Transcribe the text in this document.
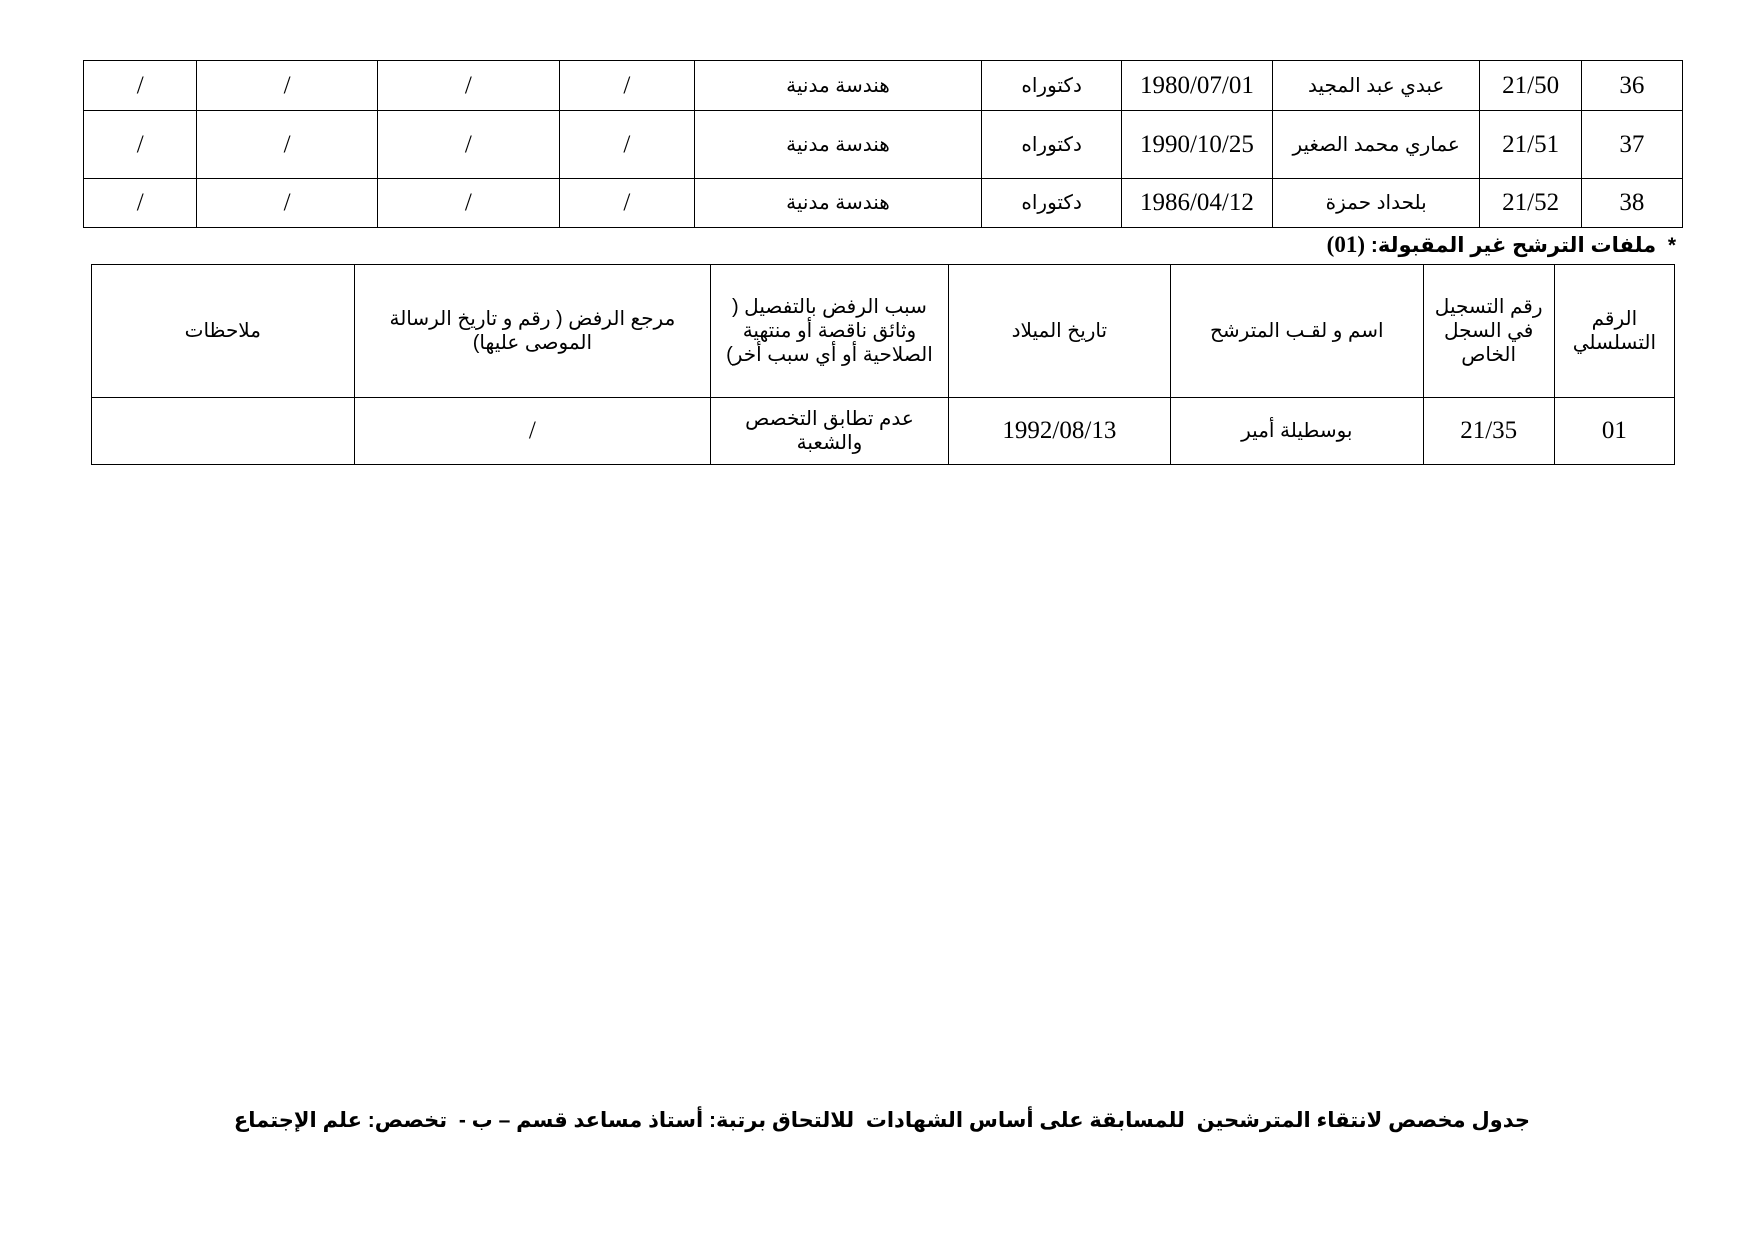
36	21/50	عبدي عبد المجيد	1980/07/01	دكتوراه	هندسة مدنية	/	/	/	/
37	21/51	عماري محمد الصغير	1990/10/25	دكتوراه	هندسة مدنية	/	/	/	/
38	21/52	بلحداد حمزة	1986/04/12	دكتوراه	هندسة مدنية	/	/	/	/
*  ملفات الترشح غير المقبولة: (01)
الرقم التسلسلي	رقم التسجيل في السجل الخاص	اسم و لقـب المترشح	تاريخ الميلاد	سبب الرفض بالتفصيل ( وثائق ناقصة أو منتهية الصلاحية أو أي سبب أخر)	مرجع الرفض ( رقم و تاريخ الرسالة الموصى عليها)	ملاحظات
01	21/35	بوسطيلة أمير	1992/08/13	عدم تطابق التخصص والشعبة	/	
جدول مخصص لانتقاء المترشحين  للمسابقة على أساس الشهادات  للالتحاق برتبة: أستاذ مساعد قسم – ب -  تخصص: علم الإجتماع
